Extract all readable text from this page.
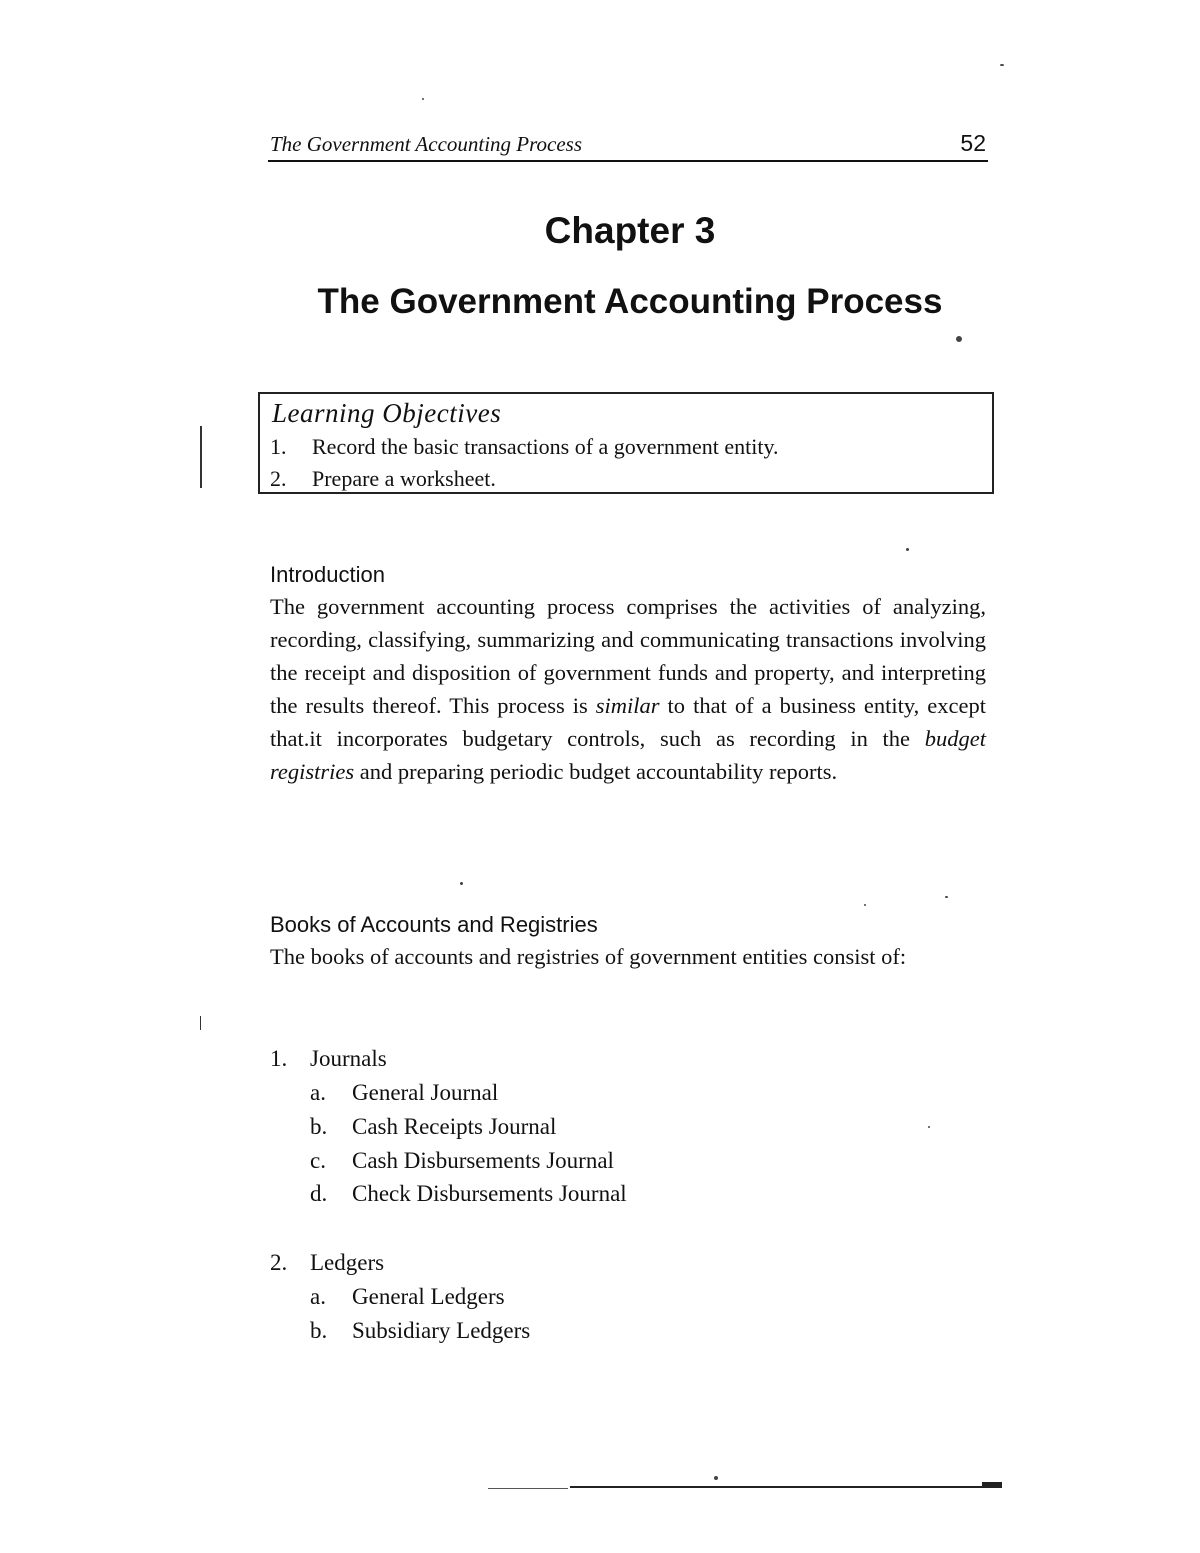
The Government Accounting Process	52
Chapter 3
The Government Accounting Process
Learning Objectives
1. Record the basic transactions of a government entity.
2. Prepare a worksheet.
Introduction

The government accounting process comprises the activities of analyzing, recording, classifying, summarizing and communicating transactions involving the receipt and disposition of government funds and property, and interpreting the results thereof. This process is similar to that of a business entity, except that.it incorporates budgetary controls, such as recording in the budget registries and preparing periodic budget accountability reports.

Books of Accounts and Registries

The books of accounts and registries of government entities consist of:

1. Journals
a. General Journal
b. Cash Receipts Journal
c. Cash Disbursements Journal
d. Check Disbursements Journal
2. Ledgers
a. General Ledgers
b. Subsidiary Ledgers
